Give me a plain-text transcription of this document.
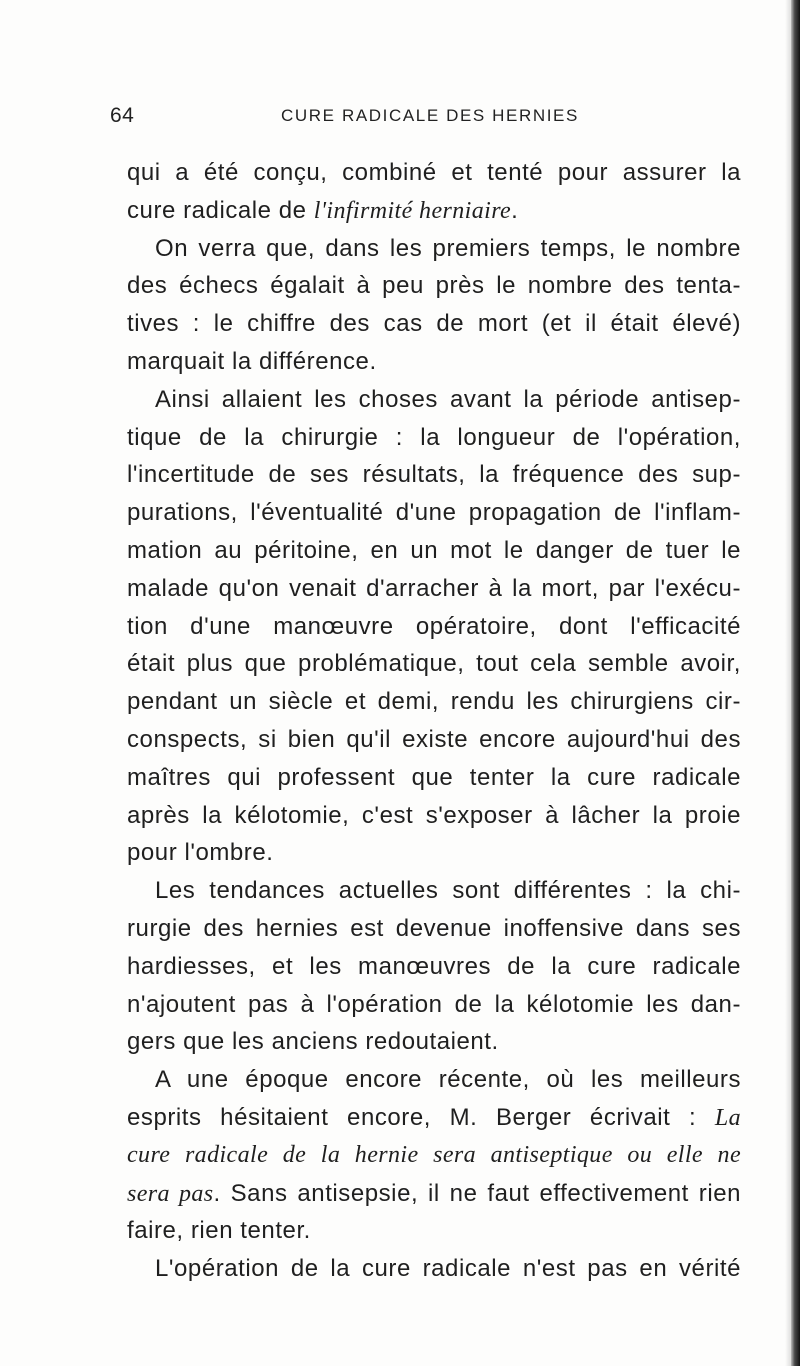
64	CURE RADICALE DES HERNIES
qui a été conçu, combiné et tenté pour assurer la
cure radicale de l'infirmité herniaire.
On verra que, dans les premiers temps, le nombre
des échecs égalait à peu près le nombre des tenta-
tives : le chiffre des cas de mort (et il était élevé)
marquait la différence.
Ainsi allaient les choses avant la période antisep-
tique de la chirurgie : la longueur de l'opération,
l'incertitude de ses résultats, la fréquence des sup-
purations, l'éventualité d'une propagation de l'inflam-
mation au péritoine, en un mot le danger de tuer le
malade qu'on venait d'arracher à la mort, par l'exécu-
tion d'une manœuvre opératoire, dont l'efficacité
était plus que problématique, tout cela semble avoir,
pendant un siècle et demi, rendu les chirurgiens cir-
conspects, si bien qu'il existe encore aujourd'hui des
maîtres qui professent que tenter la cure radicale
après la kélotomie, c'est s'exposer à lâcher la proie
pour l'ombre.
Les tendances actuelles sont différentes : la chi-
rurgie des hernies est devenue inoffensive dans ses
hardiesses, et les manœuvres de la cure radicale
n'ajoutent pas à l'opération de la kélotomie les dan-
gers que les anciens redoutaient.
A une époque encore récente, où les meilleurs
esprits hésitaient encore, M. Berger écrivait : La
cure radicale de la hernie sera antiseptique ou elle ne
sera pas. Sans antisepsie, il ne faut effectivement rien
faire, rien tenter.
L'opération de la cure radicale n'est pas en vérité
